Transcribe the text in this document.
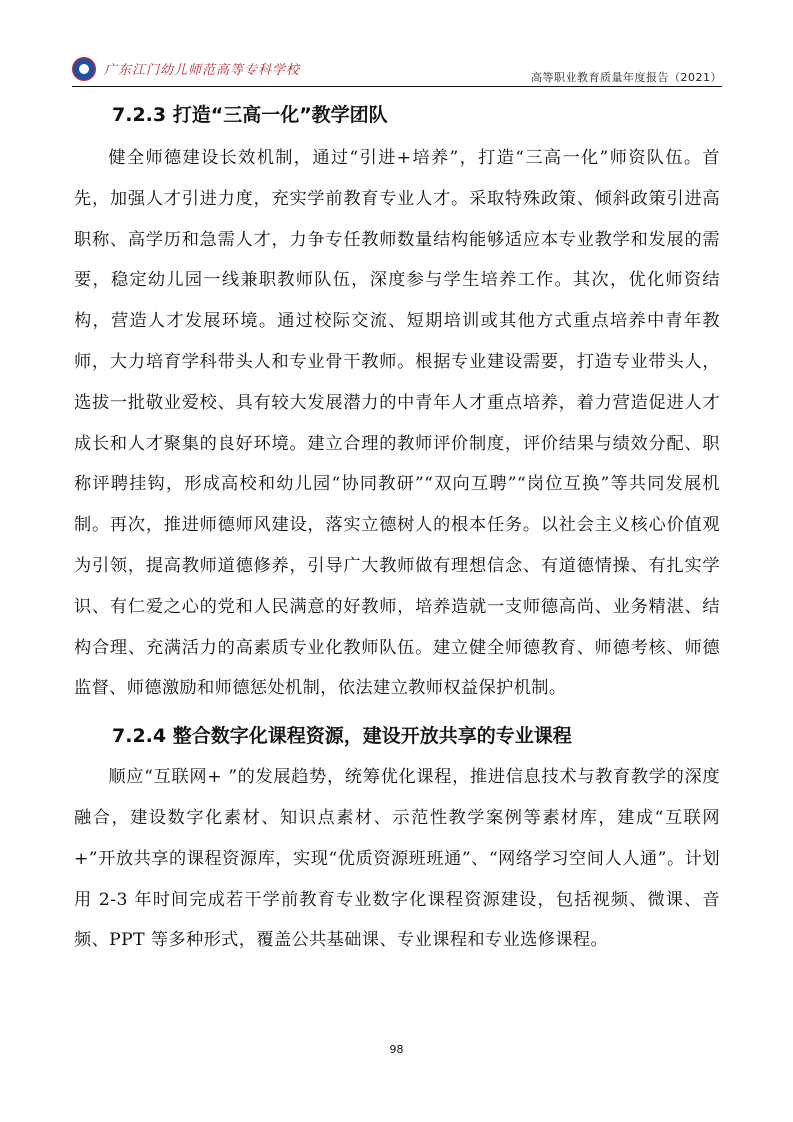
广东江门幼儿师范高等专科学校	高等职业教育质量年度报告（2021）
7.2.3 打造“三高一化”教学团队

健全师德建设长效机制，通过“引进+培养”，打造“三高一化”师资队伍。首先，加强人才引进力度，充实学前教育专业人才。采取特殊政策、倾斜政策引进高职称、高学历和急需人才，力争专任教师数量结构能够适应本专业教学和发展的需要，稳定幼儿园一线兼职教师队伍，深度参与学生培养工作。其次，优化师资结构，营造人才发展环境。通过校际交流、短期培训或其他方式重点培养中青年教师，大力培育学科带头人和专业骨干教师。根据专业建设需要，打造专业带头人，选拔一批敬业爱校、具有较大发展潜力的中青年人才重点培养，着力营造促进人才成长和人才聚集的良好环境。建立合理的教师评价制度，评价结果与绩效分配、职称评聘挂钩，形成高校和幼儿园“协同教研”“双向互聘”“岗位互换”等共同发展机制。再次，推进师德师风建设，落实立德树人的根本任务。以社会主义核心价值观为引领，提高教师道德修养，引导广大教师做有理想信念、有道德情操、有扎实学识、有仁爱之心的党和人民满意的好教师，培养造就一支师德高尚、业务精湛、结构合理、充满活力的高素质专业化教师队伍。建立健全师德教育、师德考核、师德监督、师德激励和师德惩处机制，依法建立教师权益保护机制。

7.2.4 整合数字化课程资源，建设开放共享的专业课程

顺应“互联网+ ”的发展趋势，统筹优化课程，推进信息技术与教育教学的深度融合，建设数字化素材、知识点素材、示范性教学案例等素材库，建成“互联网+”开放共享的课程资源库，实现“优质资源班班通”、“网络学习空间人人通”。计划用 2-3 年时间完成若干学前教育专业数字化课程资源建设，包括视频、微课、音频、PPT 等多种形式，覆盖公共基础课、专业课程和专业选修课程。

98
